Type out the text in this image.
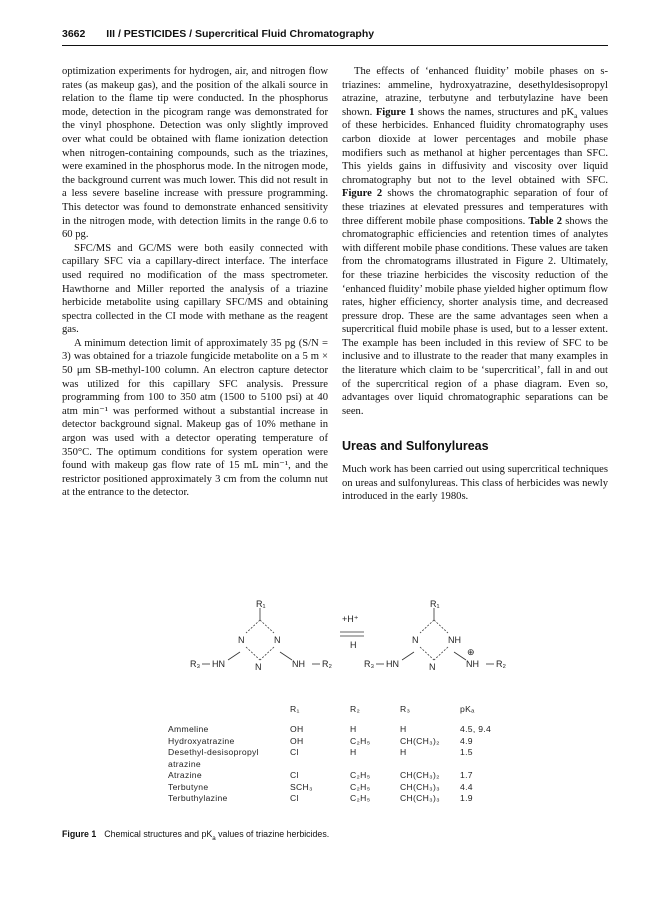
3662 III / PESTICIDES / Supercritical Fluid Chromatography

optimization experiments for hydrogen, air, and nitrogen flow rates (as makeup gas), and the position of the alkali source in relation to the flame tip were conducted. In the phosphorus mode, detection in the picogram range was demonstrated for the vinyl phosphone. Detection was only slightly improved over what could be obtained with flame ionization detection when nitrogen-containing compounds, such as the triazines, were examined in the phosphorus mode. In the nitrogen mode, the background current was much lower. This did not result in a less severe baseline increase with pressure programming. This detector was found to demonstrate enhanced sensitivity in the nitrogen mode, with detection limits in the range 0.6 to 60 pg.

SFC/MS and GC/MS were both easily connected with capillary SFC via a capillary-direct interface. The interface used required no modification of the mass spectrometer. Hawthorne and Miller reported the analysis of a triazine herbicide metabolite using capillary SFC/MS and obtaining spectra collected in the CI mode with methane as the reagent gas.

A minimum detection limit of approximately 35 pg (S/N = 3) was obtained for a triazole fungicide metabolite on a 5 m × 50 μm SB-methyl-100 column. An electron capture detector was utilized for this capillary SFC analysis. Pressure programming from 100 to 350 atm (1500 to 5100 psi) at 40 atm min⁻¹ was performed without a substantial increase in detector background signal. Makeup gas of 10% methane in argon was used with a detector operating temperature of 350°C. The optimum conditions for system operation were found with makeup gas flow rate of 15 mL min⁻¹, and the restrictor positioned approximately 3 cm from the column nut at the entrance to the detector.

The effects of ‘enhanced fluidity’ mobile phases on s-triazines: ammeline, hydroxyatrazine, desethyldesisopropyl atrazine, atrazine, terbutyne and terbutylazine have been shown. Figure 1 shows the names, structures and $pK_a$ values of these herbicides. Enhanced fluidity chromatography uses carbon dioxide at lower percentages and mobile phase modifiers such as methanol at higher percentages than SFC. This yields gains in diffusivity and viscosity over liquid chromatography but not to the level obtained with SFC. Figure 2 shows the chromatographic separation of four of these triazines at elevated pressures and temperatures with three different mobile phase compositions. Table 2 shows the chromatographic efficiencies and retention times of analytes with different mobile phase conditions. These values are taken from the chromatograms illustrated in Figure 2. Ultimately, for these triazine herbicides the viscosity reduction of the ‘enhanced fluidity’ mobile phase yielded higher optimum flow rates, higher efficiency, shorter analysis time, and decreased pressure drop. These are the same advantages seen when a supercritical fluid mobile phase is used, but to a lesser extent. The example has been included in this review of SFC to be inclusive and to illustrate to the reader that many examples in the literature which claim to be ‘supercritical’, fall in and out of the supercritical region of a phase diagram. Even so, advantages over liquid chromatographic separations can be seen.

Ureas and Sulfonylureas

Much work has been carried out using supercritical techniques on ureas and sulfonylureas. This class of herbicides was newly introduced in the early 1980s.

R₁
N	N
N
R₃ HN	NH R₂
+H⁺
H
R₁
N	NH
N
R₃ HN	NH
⊕
R₂
R₁	R₂	R₃	pKₐ
Ammeline	OH	H	H	4.5, 9.4
Hydroxyatrazine	OH	C₂H₅	CH(CH₃)₂ 4.9
Desethyl-desisopropyl atrazine
Cl	H	H	1.5
Atrazine	Cl	C₂H₅	CH(CH₃)₂ 1.7
Terbutyne	SCH₃	C₂H₅	CH(CH₃)₃ 4.4
Terbuthylazine	Cl	C₂H₅	CH(CH₃)₃ 1.9
Figure 1 Chemical structures and $pK_a$ values of triazine herbicides.
